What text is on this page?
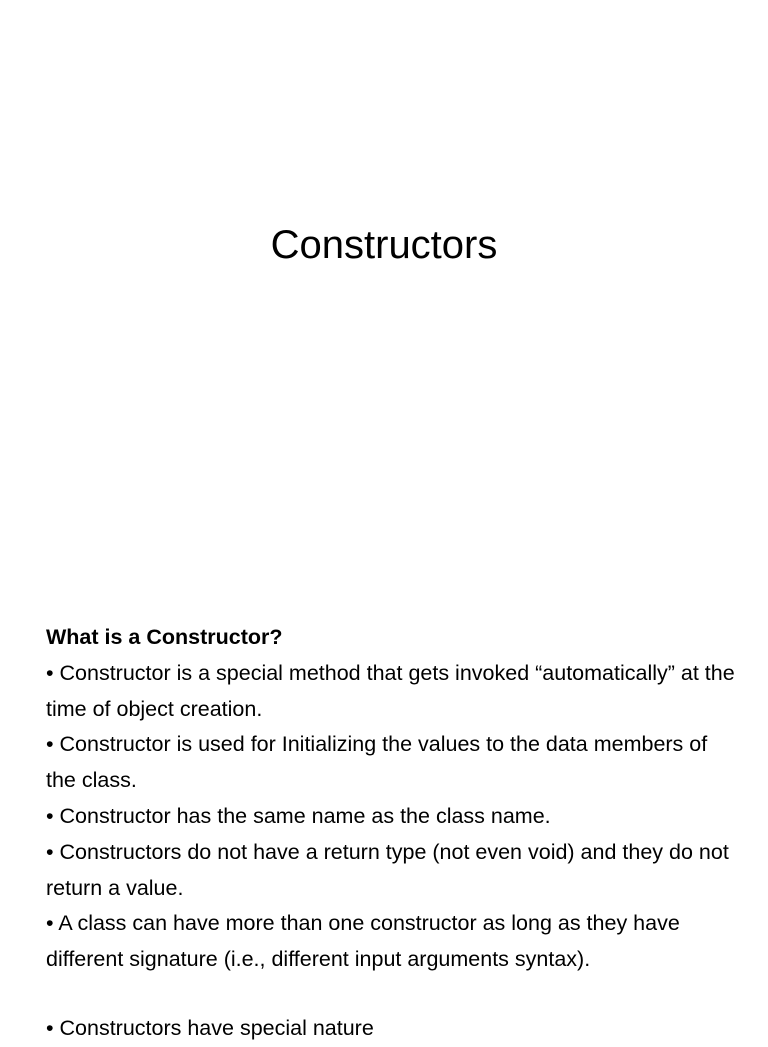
Constructors

What is a Constructor?

• Constructor is a special method that gets invoked “automatically” at the time of object creation.

• Constructor is used for Initializing the values to the data members of the class.

• Constructor has the same name as the class name.

• Constructors do not have a return type (not even void) and they do not return a value.

• A class can have more than one constructor as long as they have different signature (i.e., different input arguments syntax).

• Constructors have special nature
